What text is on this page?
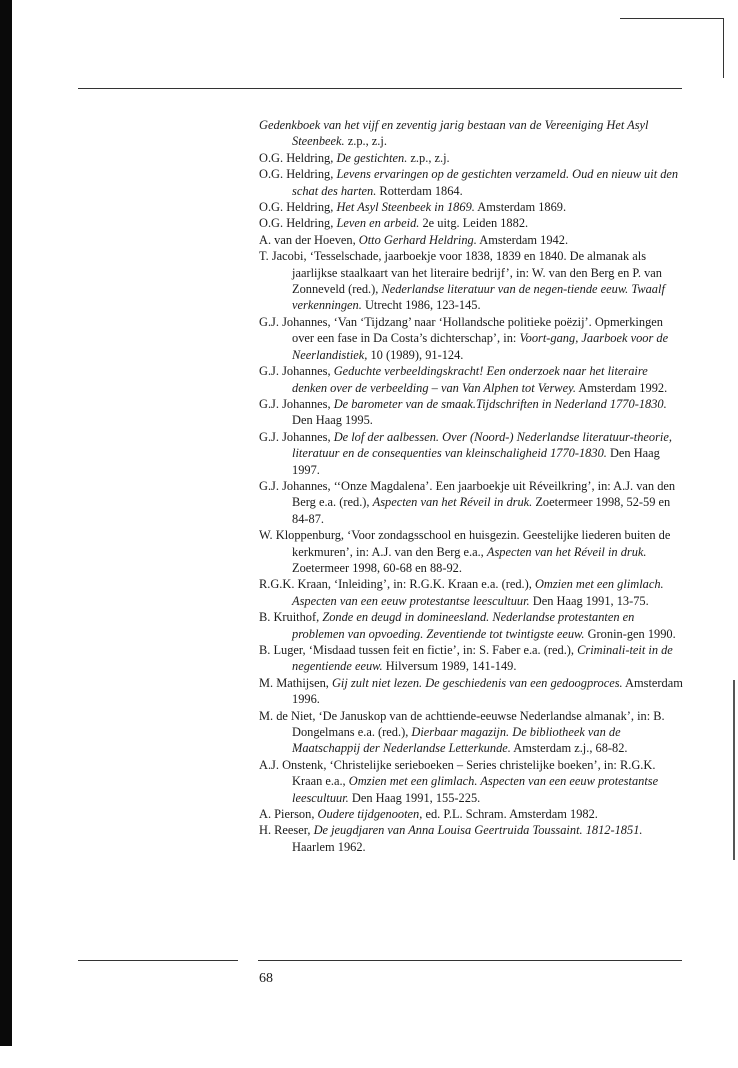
Gedenkboek van het vijf en zeventig jarig bestaan van de Vereeniging Het Asyl Steenbeek. z.p., z.j.
O.G. Heldring, De gestichten. z.p., z.j.
O.G. Heldring, Levens ervaringen op de gestichten verzameld. Oud en nieuw uit den schat des harten. Rotterdam 1864.
O.G. Heldring, Het Asyl Steenbeek in 1869. Amsterdam 1869.
O.G. Heldring, Leven en arbeid. 2e uitg. Leiden 1882.
A. van der Hoeven, Otto Gerhard Heldring. Amsterdam 1942.
T. Jacobi, ‘Tesselschade, jaarboekje voor 1838, 1839 en 1840. De almanak als jaarlijkse staalkaart van het literaire bedrijf’, in: W. van den Berg en P. van Zonneveld (red.), Nederlandse literatuur van de negen-tiende eeuw. Twaalf verkenningen. Utrecht 1986, 123-145.
G.J. Johannes, ‘Van ‘Tijdzang’ naar ‘Hollandsche politieke poëzij’. Opmerkingen over een fase in Da Costa’s dichterschap’, in: Voort-gang, Jaarboek voor de Neerlandistiek, 10 (1989), 91-124.
G.J. Johannes, Geduchte verbeeldingskracht! Een onderzoek naar het literaire denken over de verbeelding – van Van Alphen tot Verwey. Amsterdam 1992.
G.J. Johannes, De barometer van de smaak.Tijdschriften in Nederland 1770-1830. Den Haag 1995.
G.J. Johannes, De lof der aalbessen. Over (Noord-) Nederlandse literatuur-theorie, literatuur en de consequenties van kleinschaligheid 1770-1830. Den Haag 1997.
G.J. Johannes, ‘‘Onze Magdalena’. Een jaarboekje uit Réveilkring’, in: A.J. van den Berg e.a. (red.), Aspecten van het Réveil in druk. Zoetermeer 1998, 52-59 en 84-87.
W. Kloppenburg, ‘Voor zondagsschool en huisgezin. Geestelijke liederen buiten de kerkmuren’, in: A.J. van den Berg e.a., Aspecten van het Réveil in druk. Zoetermeer 1998, 60-68 en 88-92.
R.G.K. Kraan, ‘Inleiding’, in: R.G.K. Kraan e.a. (red.), Omzien met een glimlach. Aspecten van een eeuw protestantse leescultuur. Den Haag 1991, 13-75.
B. Kruithof, Zonde en deugd in domineesland. Nederlandse protestanten en problemen van opvoeding. Zeventiende tot twintigste eeuw. Gronin-gen 1990.
B. Luger, ‘Misdaad tussen feit en fictie’, in: S. Faber e.a. (red.), Criminali-teit in de negentiende eeuw. Hilversum 1989, 141-149.
M. Mathijsen, Gij zult niet lezen. De geschiedenis van een gedoogproces. Amsterdam 1996.
M. de Niet, ‘De Januskop van de achttiende-eeuwse Nederlandse almanak’, in: B. Dongelmans e.a. (red.), Dierbaar magazijn. De bibliotheek van de Maatschappij der Nederlandse Letterkunde. Amsterdam z.j., 68-82.
A.J. Onstenk, ‘Christelijke serieboeken – Series christelijke boeken’, in: R.G.K. Kraan e.a., Omzien met een glimlach. Aspecten van een eeuw protestantse leescultuur. Den Haag 1991, 155-225.
A. Pierson, Oudere tijdgenooten, ed. P.L. Schram. Amsterdam 1982.
H. Reeser, De jeugdjaren van Anna Louisa Geertruida Toussaint. 1812-1851. Haarlem 1962.
68
